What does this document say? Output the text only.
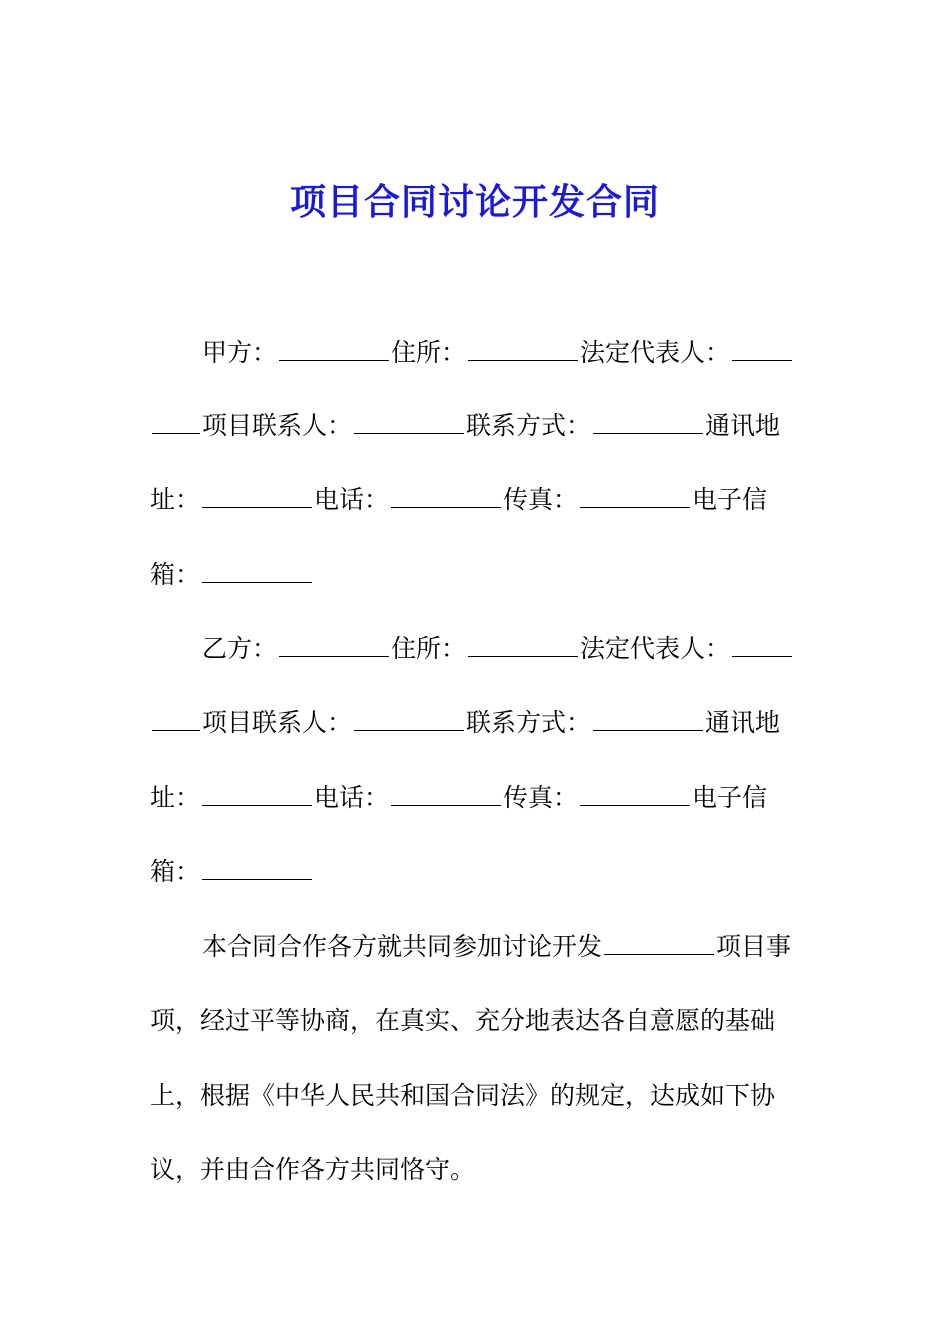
项目合同讨论开发合同
甲方：	住所：	法定代表人：
项目联系人：	联系方式：	通讯地
址：	电话：	传真：	电子信
箱：
乙方：	住所：	法定代表人：
项目联系人：	联系方式：	通讯地
址：	电话：	传真：	电子信
箱：
本合同合作各方就共同参加讨论开发	项目事
项，经过平等协商，在真实、充分地表达各自意愿的基础
上，根据《中华人民共和国合同法》的规定，达成如下协
议，并由合作各方共同恪守。
